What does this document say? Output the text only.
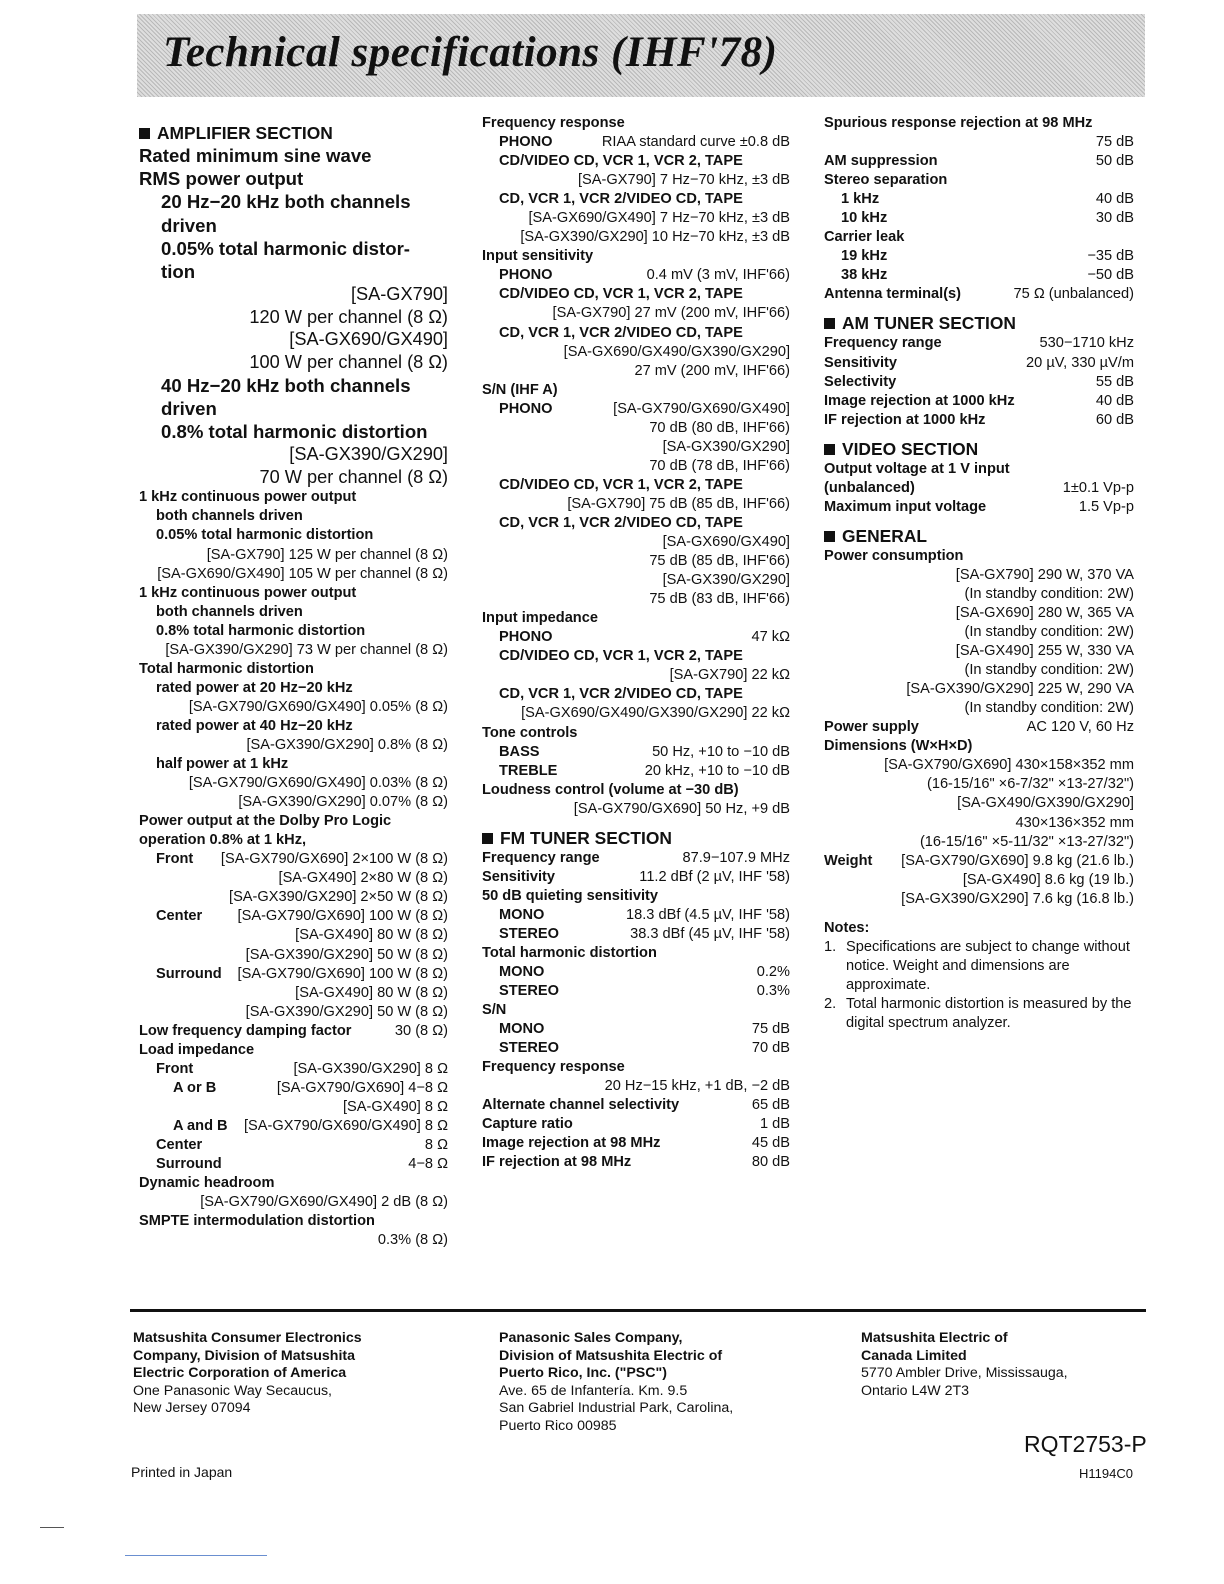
Technical specifications (IHF'78)
AMPLIFIER SECTION
Rated minimum sine wave
RMS power output
20 Hz−20 kHz both channels
driven
0.05% total harmonic distor-
tion
[SA-GX790]
120 W per channel (8 Ω)
[SA-GX690/GX490]
100 W per channel (8 Ω)
40 Hz−20 kHz both channels
driven
0.8% total harmonic distortion
[SA-GX390/GX290]
70 W per channel (8 Ω)
1 kHz continuous power output
both channels driven
0.05% total harmonic distortion
[SA-GX790] 125 W per channel (8 Ω)
[SA-GX690/GX490] 105 W per channel (8 Ω)
1 kHz continuous power output
both channels driven
0.8% total harmonic distortion
[SA-GX390/GX290] 73 W per channel (8 Ω)
Total harmonic distortion
rated power at 20 Hz−20 kHz
[SA-GX790/GX690/GX490] 0.05% (8 Ω)
rated power at 40 Hz−20 kHz
[SA-GX390/GX290] 0.8% (8 Ω)
half power at 1 kHz
[SA-GX790/GX690/GX490] 0.03% (8 Ω)
[SA-GX390/GX290] 0.07% (8 Ω)
Power output at the Dolby Pro Logic
operation 0.8% at 1 kHz,
Front [SA-GX790/GX690] 2×100 W (8 Ω)
[SA-GX490] 2×80 W (8 Ω)
[SA-GX390/GX290] 2×50 W (8 Ω)
Center [SA-GX790/GX690] 100 W (8 Ω)
[SA-GX490] 80 W (8 Ω)
[SA-GX390/GX290] 50 W (8 Ω)
Surround [SA-GX790/GX690] 100 W (8 Ω)
[SA-GX490] 80 W (8 Ω)
[SA-GX390/GX290] 50 W (8 Ω)
Low frequency damping factor	30 (8 Ω)
Load impedance
Front	[SA-GX390/GX290] 8 Ω
A or B	[SA-GX790/GX690] 4−8 Ω
[SA-GX490] 8 Ω
A and B [SA-GX790/GX690/GX490] 8 Ω
Center	8 Ω
Surround	4−8 Ω
Dynamic headroom
[SA-GX790/GX690/GX490] 2 dB (8 Ω)
SMPTE intermodulation distortion
0.3% (8 Ω)
Frequency response
PHONO	RIAA standard curve ±0.8 dB
CD/VIDEO CD, VCR 1, VCR 2, TAPE
[SA-GX790] 7 Hz−70 kHz, ±3 dB
CD, VCR 1, VCR 2/VIDEO CD, TAPE
[SA-GX690/GX490] 7 Hz−70 kHz, ±3 dB
[SA-GX390/GX290] 10 Hz−70 kHz, ±3 dB
Input sensitivity
PHONO	0.4 mV (3 mV, IHF'66)
CD/VIDEO CD, VCR 1, VCR 2, TAPE
[SA-GX790] 27 mV (200 mV, IHF'66)
CD, VCR 1, VCR 2/VIDEO CD, TAPE
[SA-GX690/GX490/GX390/GX290]
27 mV (200 mV, IHF'66)
S/N (IHF A)
PHONO	[SA-GX790/GX690/GX490]
70 dB (80 dB, IHF'66)
[SA-GX390/GX290]
70 dB (78 dB, IHF'66)
CD/VIDEO CD, VCR 1, VCR 2, TAPE
[SA-GX790] 75 dB (85 dB, IHF'66)
CD, VCR 1, VCR 2/VIDEO CD, TAPE
[SA-GX690/GX490]
75 dB (85 dB, IHF'66)
[SA-GX390/GX290]
75 dB (83 dB, IHF'66)
Input impedance
PHONO	47 kΩ
CD/VIDEO CD, VCR 1, VCR 2, TAPE
[SA-GX790] 22 kΩ
CD, VCR 1, VCR 2/VIDEO CD, TAPE
[SA-GX690/GX490/GX390/GX290] 22 kΩ
Tone controls
BASS	50 Hz, +10 to −10 dB
TREBLE	20 kHz, +10 to −10 dB
Loudness control (volume at −30 dB)
[SA-GX790/GX690] 50 Hz, +9 dB
FM TUNER SECTION
Frequency range	87.9−107.9 MHz
Sensitivity	11.2 dBf (2 µV, IHF '58)
50 dB quieting sensitivity
MONO	18.3 dBf (4.5 µV, IHF '58)
STEREO	38.3 dBf (45 µV, IHF '58)
Total harmonic distortion
MONO	0.2%
STEREO	0.3%
S/N
MONO	75 dB
STEREO	70 dB
Frequency response
20 Hz−15 kHz, +1 dB, −2 dB
Alternate channel selectivity	65 dB
Capture ratio	1 dB
Image rejection at 98 MHz	45 dB
IF rejection at 98 MHz	80 dB
Spurious response rejection at 98 MHz
75 dB
AM suppression	50 dB
Stereo separation
1 kHz	40 dB
10 kHz	30 dB
Carrier leak
19 kHz	−35 dB
38 kHz	−50 dB
Antenna terminal(s)	75 Ω (unbalanced)
AM TUNER SECTION
Frequency range	530−1710 kHz
Sensitivity	20 µV, 330 µV/m
Selectivity	55 dB
Image rejection at 1000 kHz	40 dB
IF rejection at 1000 kHz	60 dB
VIDEO SECTION
Output voltage at 1 V input
(unbalanced)	1±0.1 Vp-p
Maximum input voltage	1.5 Vp-p
GENERAL
Power consumption
[SA-GX790] 290 W, 370 VA
(In standby condition: 2W)
[SA-GX690] 280 W, 365 VA
(In standby condition: 2W)
[SA-GX490] 255 W, 330 VA
(In standby condition: 2W)
[SA-GX390/GX290] 225 W, 290 VA
(In standby condition: 2W)
Power supply	AC 120 V, 60 Hz
Dimensions (W×H×D)
[SA-GX790/GX690] 430×158×352 mm
(16-15/16" ×6-7/32" ×13-27/32")
[SA-GX490/GX390/GX290]
430×136×352 mm
(16-15/16" ×5-11/32" ×13-27/32")
Weight [SA-GX790/GX690] 9.8 kg (21.6 lb.)
[SA-GX490] 8.6 kg (19 lb.)
[SA-GX390/GX290] 7.6 kg (16.8 lb.)
Notes:
1. Specifications are subject to change without notice. Weight and dimensions are approximate.
2. Total harmonic distortion is measured by the digital spectrum analyzer.
Matsushita Consumer Electronics
Company, Division of Matsushita
Electric Corporation of America
One Panasonic Way Secaucus,
New Jersey 07094
Panasonic Sales Company,
Division of Matsushita Electric of
Puerto Rico, Inc. ("PSC")
Ave. 65 de Infantería. Km. 9.5
San Gabriel Industrial Park, Carolina,
Puerto Rico 00985
Matsushita Electric of
Canada Limited
5770 Ambler Drive, Mississauga,
Ontario L4W 2T3
Printed in Japan
RQT2753-P
H1194C0
